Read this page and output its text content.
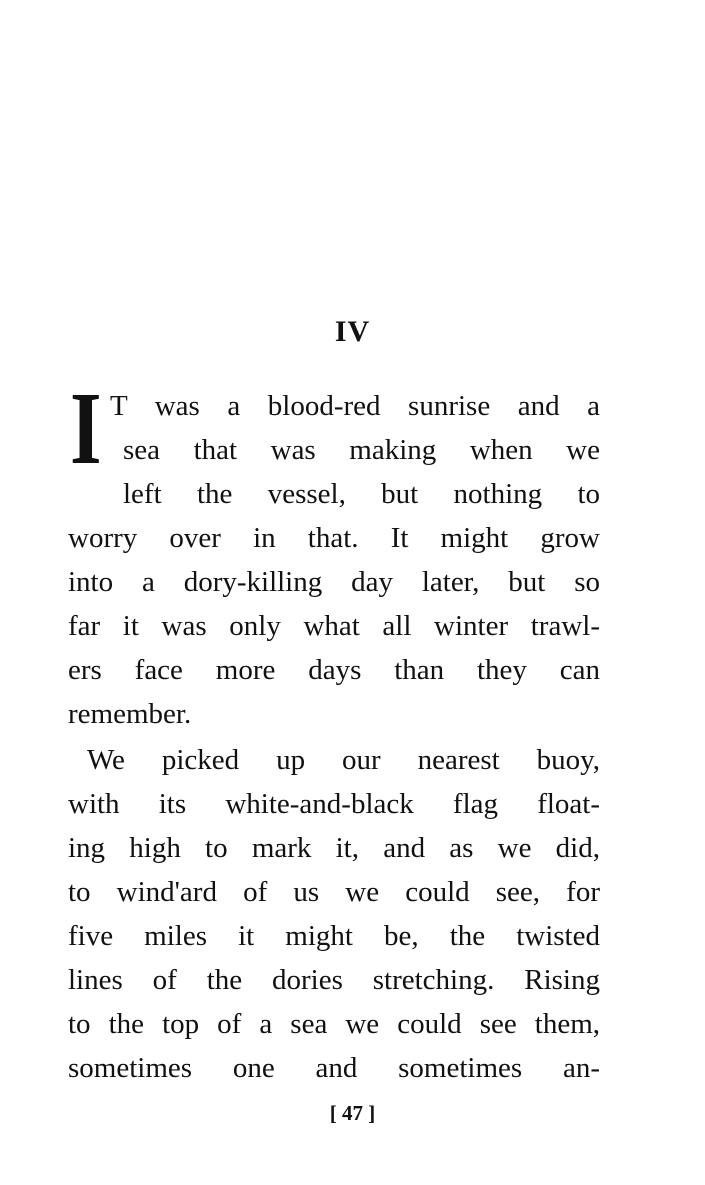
IV
I T was a blood-red sunrise and a
sea that was making when we
left the vessel, but nothing to
worry over in that. It might grow
into a dory-killing day later, but so
far it was only what all winter trawl-
ers face more days than they can
remember.
We picked up our nearest buoy,
with its white-and-black flag float-
ing high to mark it, and as we did,
to wind'ard of us we could see, for
five miles it might be, the twisted
lines of the dories stretching. Rising
to the top of a sea we could see them,
sometimes one and sometimes an-
[ 47 ]
